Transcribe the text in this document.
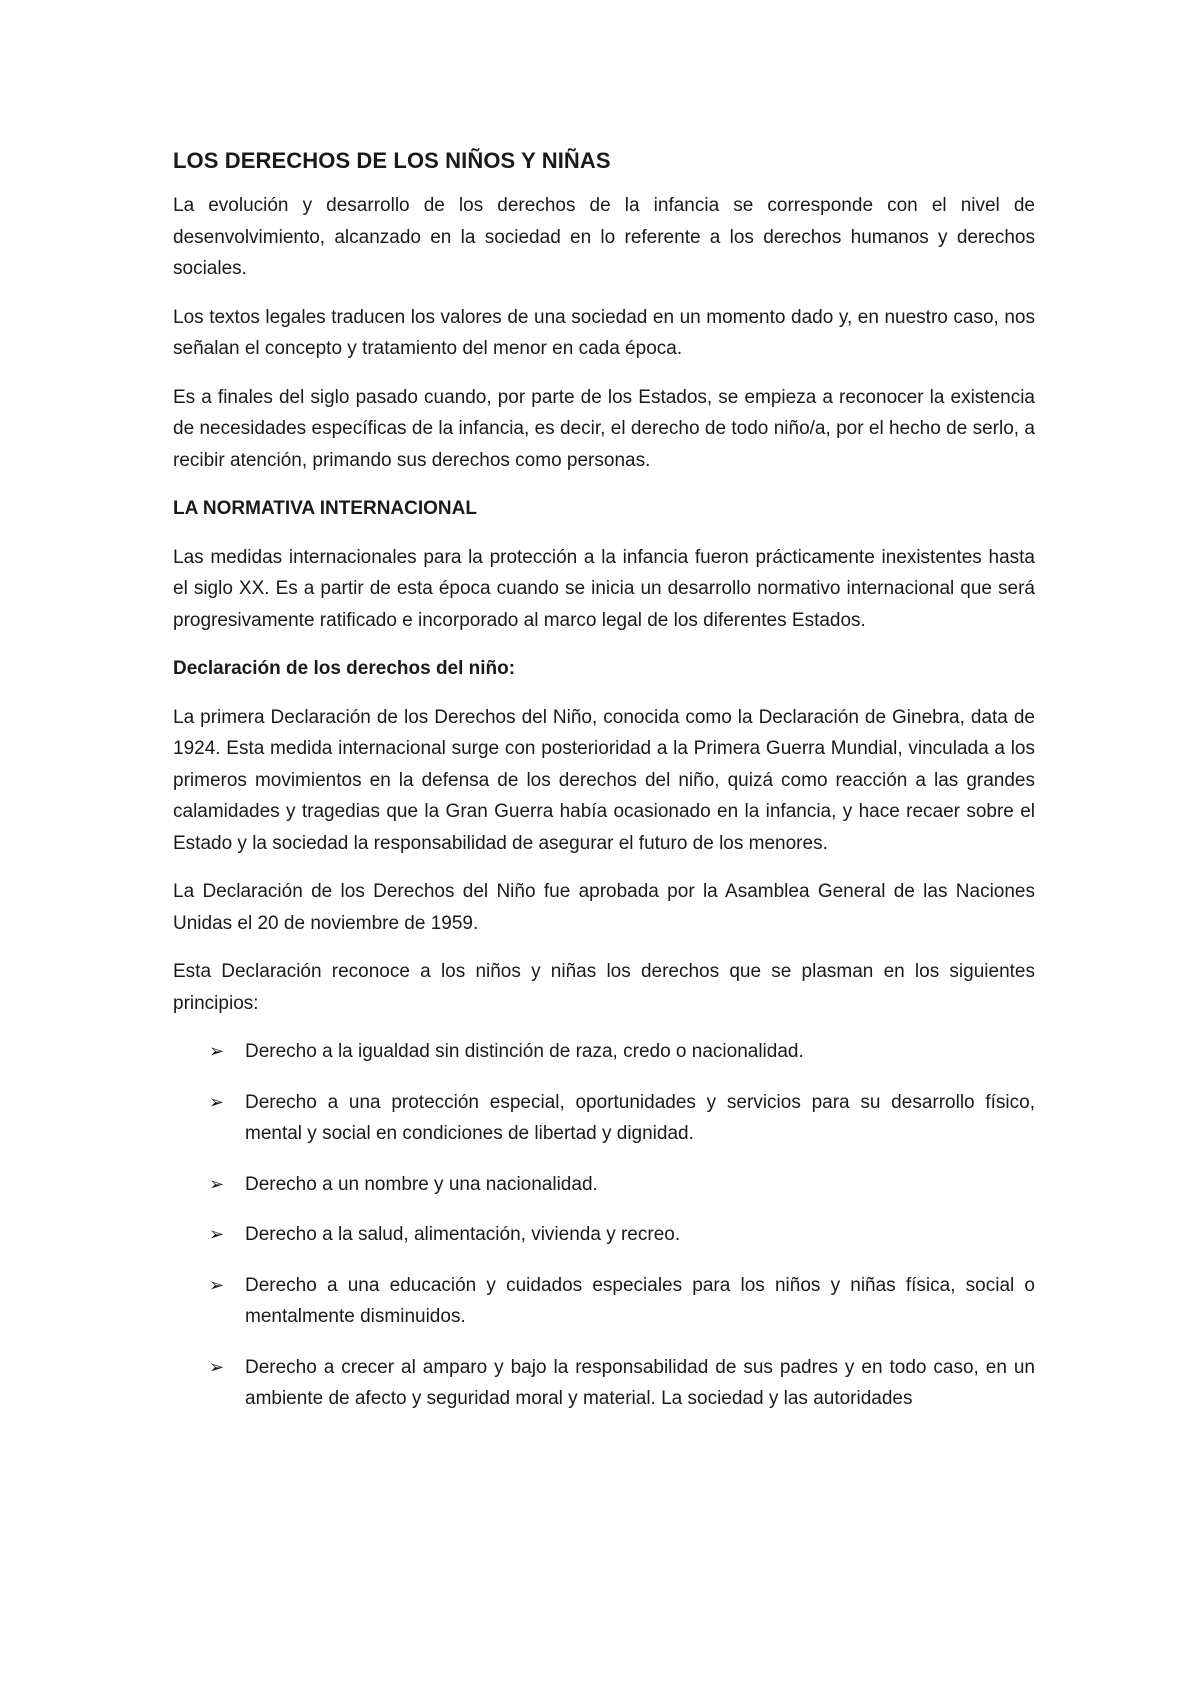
LOS DERECHOS DE LOS NIÑOS Y NIÑAS

La evolución y desarrollo de los derechos de la infancia se corresponde con el nivel de desenvolvimiento, alcanzado en la sociedad en lo referente a los derechos humanos y derechos sociales.

Los textos legales traducen los valores de una sociedad en un momento dado y, en nuestro caso, nos señalan el concepto y tratamiento del menor en cada época.

Es a finales del siglo pasado cuando, por parte de los Estados, se empieza a reconocer la existencia de necesidades específicas de la infancia, es decir, el derecho de todo niño/a, por el hecho de serlo, a recibir atención, primando sus derechos como personas.

LA NORMATIVA INTERNACIONAL

Las medidas internacionales para la protección a la infancia fueron prácticamente inexistentes hasta el siglo XX. Es a partir de esta época cuando se inicia un desarrollo normativo internacional que será progresivamente ratificado e incorporado al marco legal de los diferentes Estados.

Declaración de los derechos del niño:

La primera Declaración de los Derechos del Niño, conocida como la Declaración de Ginebra, data de 1924. Esta medida internacional surge con posterioridad a la Primera Guerra Mundial, vinculada a los primeros movimientos en la defensa de los derechos del niño, quizá como reacción a las grandes calamidades y tragedias que la Gran Guerra había ocasionado en la infancia, y hace recaer sobre el Estado y la sociedad la responsabilidad de asegurar el futuro de los menores.

La Declaración de los Derechos del Niño fue aprobada por la Asamblea General de las Naciones Unidas el 20 de noviembre de 1959.

Esta Declaración reconoce a los niños y niñas los derechos que se plasman en los siguientes principios:

➢ Derecho a la igualdad sin distinción de raza, credo o nacionalidad.
➢ Derecho a una protección especial, oportunidades y servicios para su desarrollo físico, mental y social en condiciones de libertad y dignidad.
➢ Derecho a un nombre y una nacionalidad.
➢ Derecho a la salud, alimentación, vivienda y recreo.
➢ Derecho a una educación y cuidados especiales para los niños y niñas física, social o mentalmente disminuidos.
➢ Derecho a crecer al amparo y bajo la responsabilidad de sus padres y en todo caso, en un ambiente de afecto y seguridad moral y material. La sociedad y las autoridades
